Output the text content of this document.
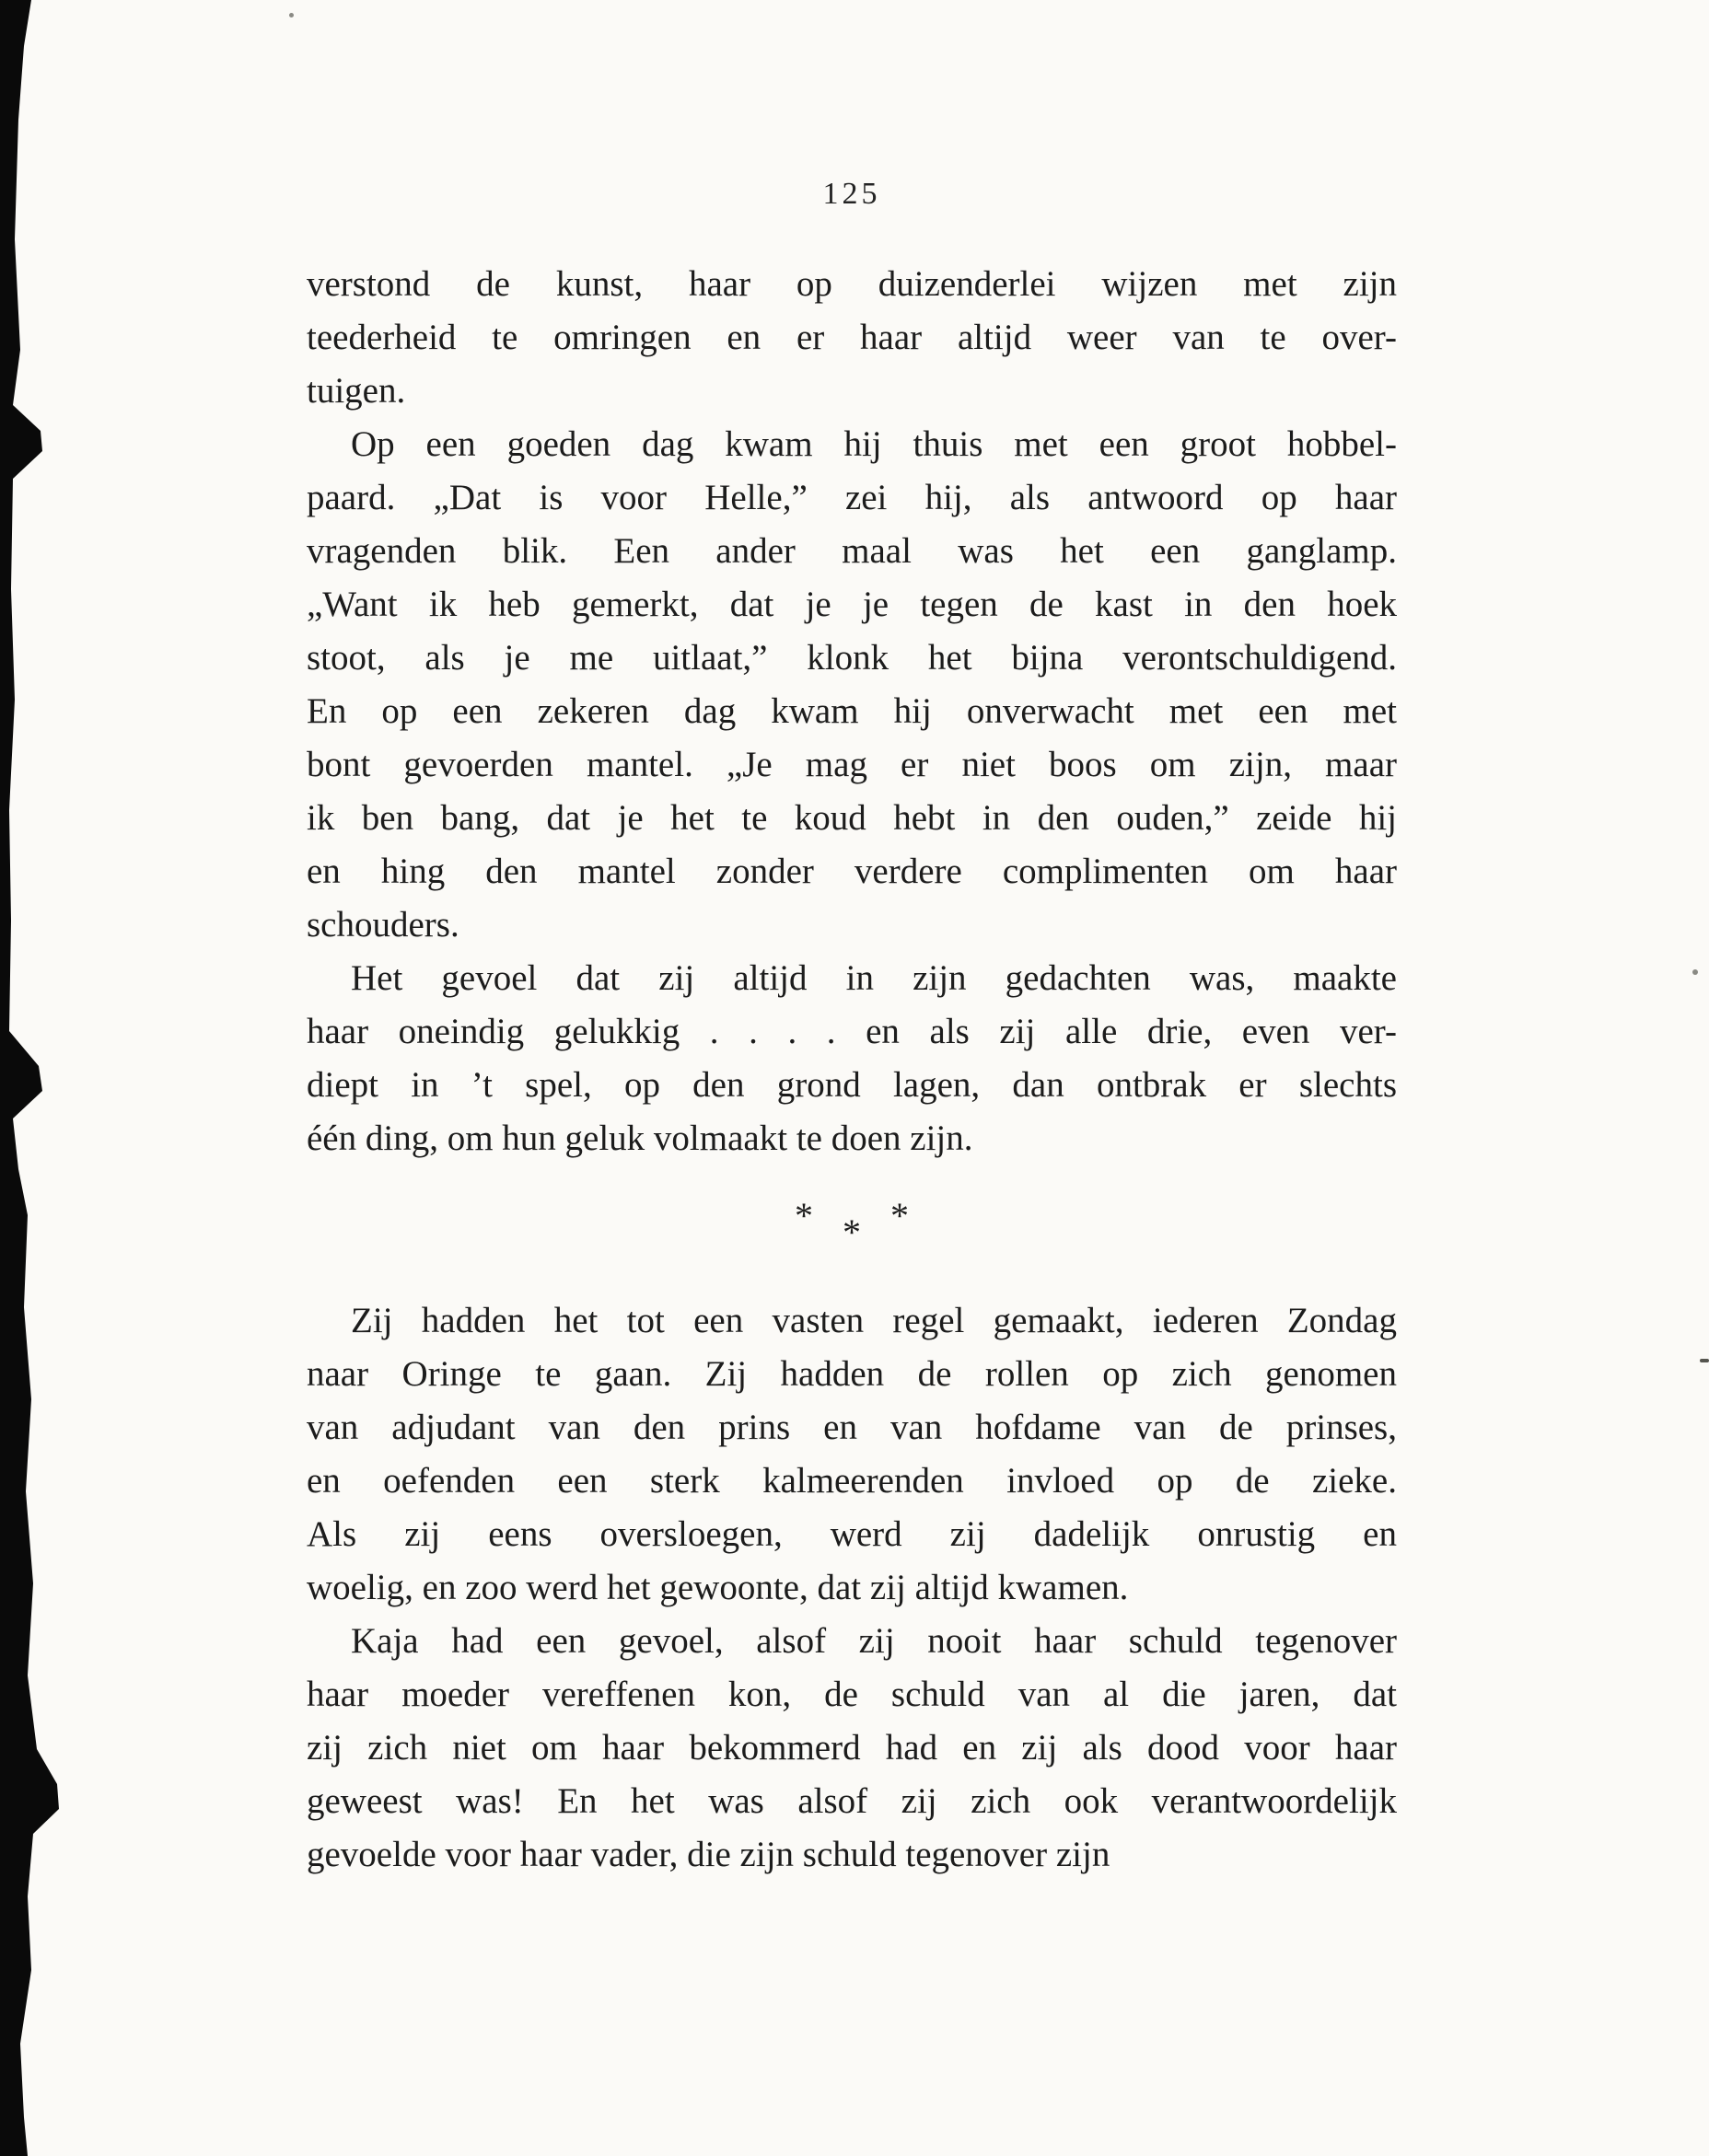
125

verstond de kunst, haar op duizenderlei wijzen met zijn
teederheid te omringen en er haar altijd weer van te over-
tuigen.

Op een goeden dag kwam hij thuis met een groot hobbel-
paard. „Dat is voor Helle,” zei hij, als antwoord op haar
vragenden blik. Een ander maal was het een ganglamp.
„Want ik heb gemerkt, dat je je tegen de kast in den hoek
stoot, als je me uitlaat,” klonk het bijna verontschuldigend.
En op een zekeren dag kwam hij onverwacht met een met
bont gevoerden mantel. „Je mag er niet boos om zijn, maar
ik ben bang, dat je het te koud hebt in den ouden,” zeide hij
en hing den mantel zonder verdere complimenten om haar
schouders.

Het gevoel dat zij altijd in zijn gedachten was, maakte
haar oneindig gelukkig . . . . en als zij alle drie, even ver-
diept in ’t spel, op den grond lagen, dan ontbrak er slechts
één ding, om hun geluk volmaakt te doen zijn.

* * *

Zij hadden het tot een vasten regel gemaakt, iederen Zondag
naar Oringe te gaan. Zij hadden de rollen op zich genomen
van adjudant van den prins en van hofdame van de prinses,
en oefenden een sterk kalmeerenden invloed op de zieke.
Als zij eens oversloegen, werd zij dadelijk onrustig en
woelig, en zoo werd het gewoonte, dat zij altijd kwamen.

Kaja had een gevoel, alsof zij nooit haar schuld tegenover
haar moeder vereffenen kon, de schuld van al die jaren, dat
zij zich niet om haar bekommerd had en zij als dood voor haar
geweest was! En het was alsof zij zich ook verantwoordelijk
gevoelde voor haar vader, die zijn schuld tegenover zijn
